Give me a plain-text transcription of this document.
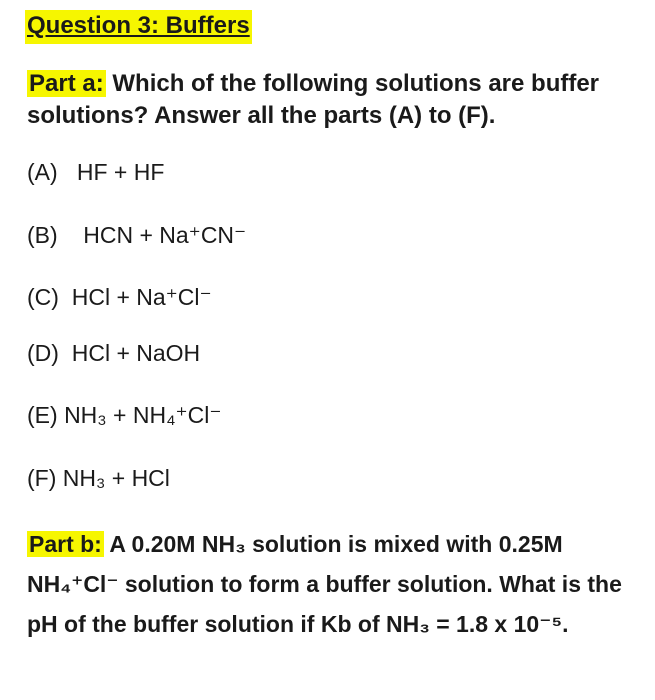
Question 3: Buffers
Part a: Which of the following solutions are buffer solutions? Answer all the parts (A) to (F).
(A) HF + HF
(B) HCN + Na⁺CN⁻
(C) HCl + Na⁺Cl⁻
(D) HCl + NaOH
(E) NH₃ + NH₄⁺Cl⁻
(F) NH₃ + HCl
Part b: A 0.20M NH₃ solution is mixed with 0.25M NH₄⁺Cl⁻ solution to form a buffer solution. What is the pH of the buffer solution if Kb of NH₃ = 1.8 x 10⁻⁵.
